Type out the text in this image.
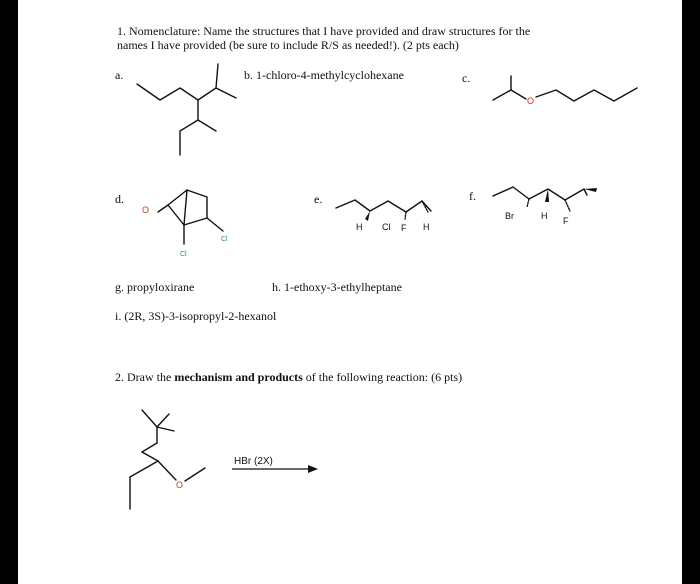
1. Nomenclature: Name the structures that I have provided and draw structures for the
names I have provided (be sure to include R/S as needed!). (2 pts each)
a.	b. 1-chloro-4-methylcyclohexane	c.
d.	e.	f.
g. propyloxirane	h. 1-ethoxy-3-ethylheptane
i. (2R, 3S)-3-isopropyl-2-hexanol
2. Draw the mechanism and products of the following reaction: (6 pts)
HBr (2X)
O
O
Cl
Cl
H Cl F H
Br	H F
O
